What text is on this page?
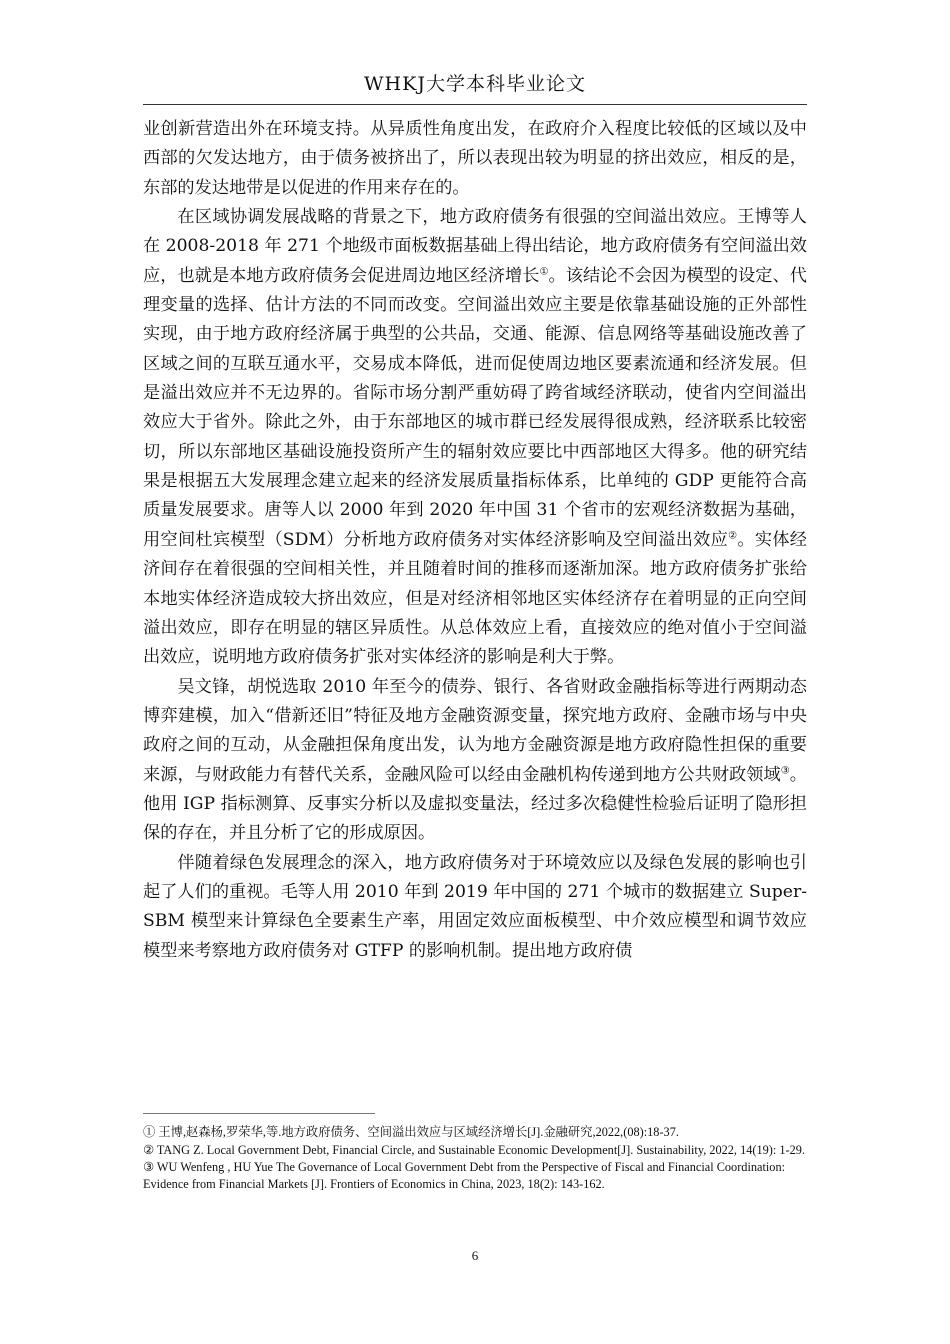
WHKJ大学本科毕业论文

业创新营造出外在环境支持。从异质性角度出发，在政府介入程度比较低的区域以及中西部的欠发达地方，由于债务被挤出了，所以表现出较为明显的挤出效应，相反的是，东部的发达地带是以促进的作用来存在的。

在区域协调发展战略的背景之下，地方政府债务有很强的空间溢出效应。王博等人在 2008-2018 年 271 个地级市面板数据基础上得出结论，地方政府债务有空间溢出效应，也就是本地方政府债务会促进周边地区经济增长①。该结论不会因为模型的设定、代理变量的选择、估计方法的不同而改变。空间溢出效应主要是依靠基础设施的正外部性实现，由于地方政府经济属于典型的公共品，交通、能源、信息网络等基础设施改善了区域之间的互联互通水平，交易成本降低，进而促使周边地区要素流通和经济发展。但是溢出效应并不无边界的。省际市场分割严重妨碍了跨省域经济联动，使省内空间溢出效应大于省外。除此之外，由于东部地区的城市群已经发展得很成熟，经济联系比较密切，所以东部地区基础设施投资所产生的辐射效应要比中西部地区大得多。他的研究结果是根据五大发展理念建立起来的经济发展质量指标体系，比单纯的 GDP 更能符合高质量发展要求。唐等人以 2000 年到 2020 年中国 31 个省市的宏观经济数据为基础，用空间杜宾模型（SDM）分析地方政府债务对实体经济影响及空间溢出效应②。实体经济间存在着很强的空间相关性，并且随着时间的推移而逐渐加深。地方政府债务扩张给本地实体经济造成较大挤出效应，但是对经济相邻地区实体经济存在着明显的正向空间溢出效应，即存在明显的辖区异质性。从总体效应上看，直接效应的绝对值小于空间溢出效应，说明地方政府债务扩张对实体经济的影响是利大于弊。

吴文锋，胡悦选取 2010 年至今的债券、银行、各省财政金融指标等进行两期动态博弈建模，加入“借新还旧”特征及地方金融资源变量，探究地方政府、金融市场与中央政府之间的互动，从金融担保角度出发，认为地方金融资源是地方政府隐性担保的重要来源，与财政能力有替代关系，金融风险可以经由金融机构传递到地方公共财政领域③。他用 IGP 指标测算、反事实分析以及虚拟变量法，经过多次稳健性检验后证明了隐形担保的存在，并且分析了它的形成原因。

伴随着绿色发展理念的深入，地方政府债务对于环境效应以及绿色发展的影响也引起了人们的重视。毛等人用 2010 年到 2019 年中国的 271 个城市的数据建立 Super-SBM 模型来计算绿色全要素生产率，用固定效应面板模型、中介效应模型和调节效应模型来考察地方政府债务对 GTFP 的影响机制。提出地方政府债

① 王博,赵森杨,罗荣华,等.地方政府债务、空间溢出效应与区域经济增长[J].金融研究,2022,(08):18-37.
② TANG Z. Local Government Debt, Financial Circle, and Sustainable Economic Development[J]. Sustainability, 2022, 14(19): 1-29.
③ WU Wenfeng , HU Yue The Governance of Local Government Debt from the Perspective of Fiscal and Financial Coordination: Evidence from Financial Markets [J]. Frontiers of Economics in China, 2023, 18(2): 143-162.
6
